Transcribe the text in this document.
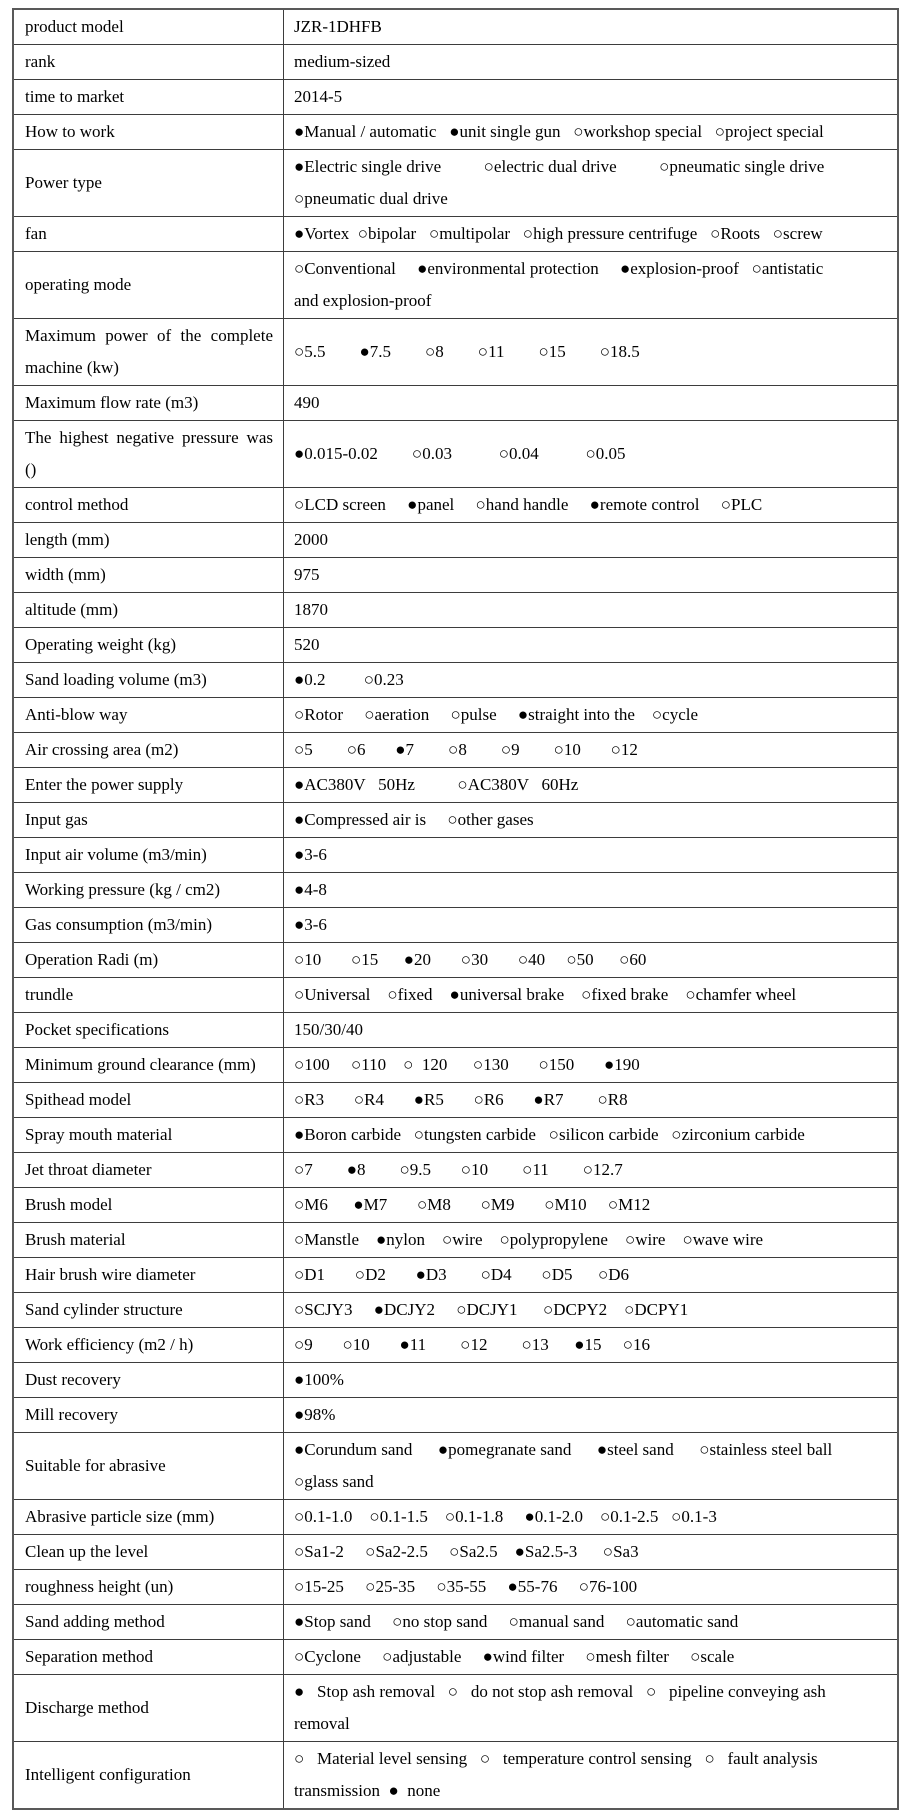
product model	JZR-1DHFB
rank	medium-sized
time to market	2014-5
How to work	●Manual / automatic   ●unit single gun   ○workshop special   ○project special
Power type	●Electric single drive          ○electric dual drive          ○pneumatic single drive
○pneumatic dual drive
fan	●Vortex  ○bipolar   ○multipolar   ○high pressure centrifuge   ○Roots   ○screw
operating mode	○Conventional     ●environmental protection     ●explosion-proof   ○antistatic
and explosion-proof
Maximum power of the complete machine (kw)	○5.5        ●7.5        ○8        ○11        ○15        ○18.5
Maximum flow rate (m3)	490
The highest negative pressure was ()	●0.015-0.02        ○0.03           ○0.04           ○0.05
control method	○LCD screen     ●panel     ○hand handle     ●remote control     ○PLC
length (mm)	2000
width (mm)	975
altitude (mm)	1870
Operating weight (kg)	520
Sand loading volume (m3)	●0.2         ○0.23
Anti-blow way	○Rotor     ○aeration     ○pulse     ●straight into the    ○cycle
Air crossing area (m2)	○5        ○6       ●7        ○8        ○9        ○10       ○12
Enter the power supply	●AC380V   50Hz          ○AC380V   60Hz
Input gas	●Compressed air is     ○other gases
Input air volume (m3/min)	●3-6
Working pressure (kg / cm2)	●4-8
Gas consumption (m3/min)	●3-6
Operation Radi (m)	○10       ○15      ●20       ○30       ○40     ○50      ○60
trundle	○Universal    ○fixed    ●universal brake    ○fixed brake    ○chamfer wheel
Pocket specifications	150/30/40
Minimum ground clearance (mm)	○100     ○110    ○  120      ○130       ○150       ●190
Spithead model	○R3       ○R4       ●R5       ○R6       ●R7        ○R8
Spray mouth material	●Boron carbide   ○tungsten carbide   ○silicon carbide   ○zirconium carbide
Jet throat diameter	○7        ●8        ○9.5       ○10        ○11        ○12.7
Brush model	○M6      ●M7       ○M8       ○M9       ○M10     ○M12
Brush material	○Manstle    ●nylon    ○wire    ○polypropylene    ○wire    ○wave wire
Hair brush wire diameter	○D1       ○D2       ●D3        ○D4       ○D5      ○D6
Sand cylinder structure	○SCJY3     ●DCJY2     ○DCJY1      ○DCPY2    ○DCPY1
Work efficiency (m2 / h)	○9       ○10       ●11        ○12        ○13      ●15     ○16
Dust recovery	●100%
Mill recovery	●98%
Suitable for abrasive	●Corundum sand      ●pomegranate sand      ●steel sand      ○stainless steel ball
○glass sand
Abrasive particle size (mm)	○0.1-1.0    ○0.1-1.5    ○0.1-1.8     ●0.1-2.0    ○0.1-2.5   ○0.1-3
Clean up the level	○Sa1-2     ○Sa2-2.5     ○Sa2.5    ●Sa2.5-3      ○Sa3
roughness height (un)	○15-25     ○25-35     ○35-55     ●55-76     ○76-100
Sand adding method	●Stop sand     ○no stop sand     ○manual sand     ○automatic sand
Separation method	○Cyclone     ○adjustable     ●wind filter     ○mesh filter     ○scale
Discharge method	●   Stop ash removal   ○   do not stop ash removal   ○   pipeline conveying ash
removal
Intelligent configuration	○   Material level sensing   ○   temperature control sensing   ○   fault analysis
transmission  ●  none
